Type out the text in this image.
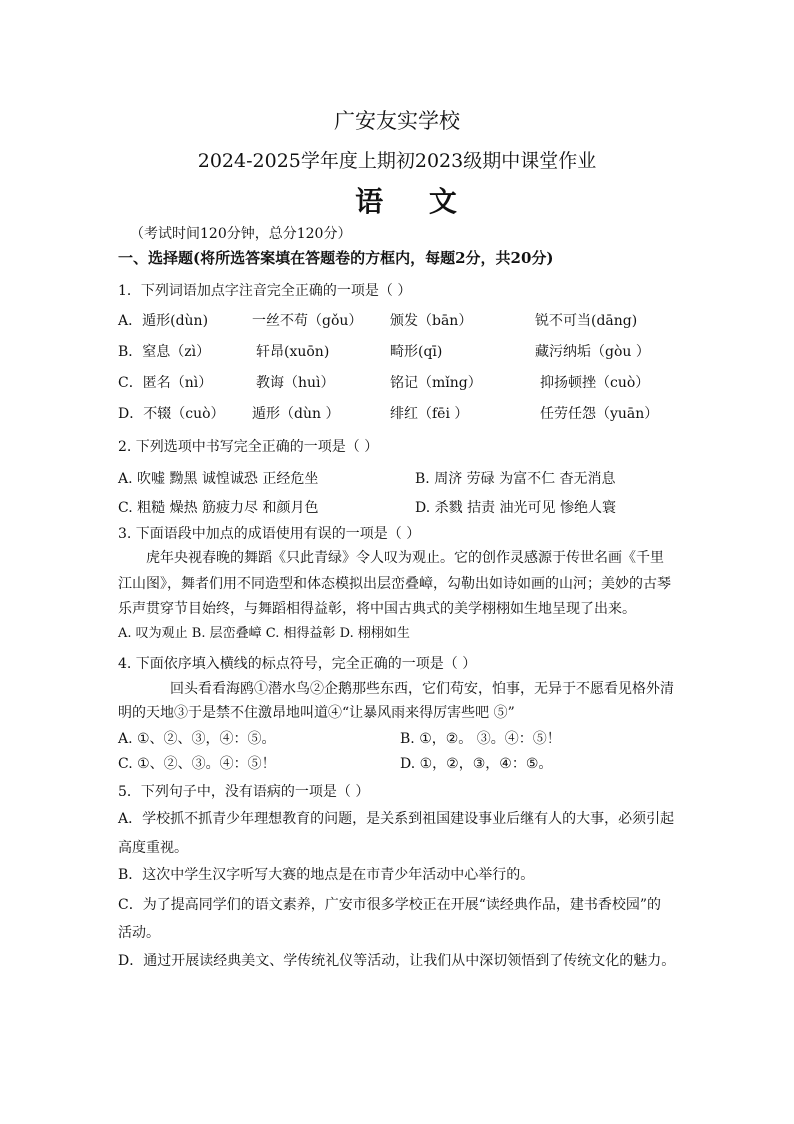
广安友实学校
2024-2025学年度上期初2023级期中课堂作业
语 文
（考试时间120分钟，总分120分）
一、选择题(将所选答案填在答题卷的方框内，每题2分，共20分)
1．下列词语加点字注音完全正确的一项是（ ）
A．遁形(dùn)	一丝不苟（gǒu） 颁发（bān）	锐不可当(dāng)
B．窒息（zì）	轩昂(xuōn)	畸形(qī)	藏污纳垢（gòu ）
C．匿名（nì）	教诲（huì）	铭记（mǐng）	抑扬顿挫（cuò）
D．不辍（cuò） 遁形（dùn ）	绯红（fēi ）	任劳任怨（yuān）
2. 下列选项中书写完全正确的一项是（ ）
A. 吹嘘 黝黑 诚惶诚恐 正经危坐	B. 周济 劳碌 为富不仁 杳无消息
C. 粗糙 燥热 筋疲力尽 和颜月色	D. 杀戮 拮责 油光可见 惨绝人寰
3. 下面语段中加点的成语使用有误的一项是（ ）
虎年央视春晚的舞蹈《只此青绿》令人叹为观止。它的创作灵感源于传世名画《千里
江山图》，舞者们用不同造型和体态模拟出层峦叠嶂，勾勒出如诗如画的山河；美妙的古琴
乐声贯穿节目始终，与舞蹈相得益彰，将中国古典式的美学栩栩如生地呈现了出来。
A. 叹为观止 B. 层峦叠嶂 C. 相得益彰 D. 栩栩如生
4. 下面依序填入横线的标点符号，完全正确的一项是（ ）
回头看看海鸥①潜水鸟②企鹅那些东西，它们苟安，怕事，无异于不愿看见格外清
明的天地③于是禁不住激昂地叫道④“让暴风雨来得厉害些吧 ⑤”
A. ①、②、③，④：⑤。	B. ①，②。 ③。④：⑤！
C. ①、②、③。④：⑤！	D. ①，②，③，④：⑤。
5．下列句子中，没有语病的一项是（ ）
A．学校抓不抓青少年理想教育的问题，是关系到祖国建设事业后继有人的大事，必须引起
高度重视。
B．这次中学生汉字听写大赛的地点是在市青少年活动中心举行的。
C．为了提高同学们的语文素养，广安市很多学校正在开展“读经典作品，建书香校园”的
活动。
D．通过开展读经典美文、学传统礼仪等活动，让我们从中深切领悟到了传统文化的魅力。
